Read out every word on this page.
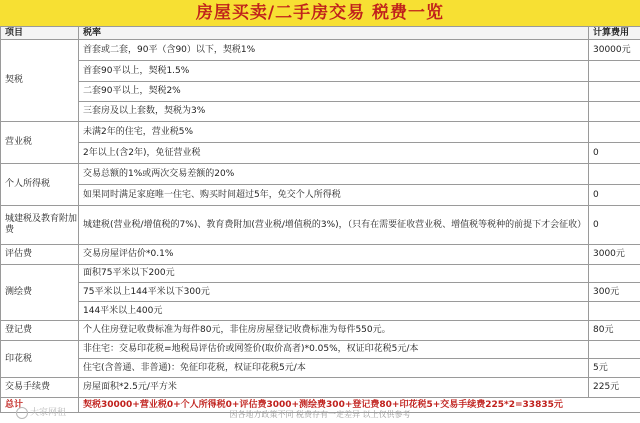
房屋买卖/二手房交易 税费一览
项目	税率	计算费用
契税	首套或二套，90平（含90）以下，契税1%	30000元
	首套90平以上，契税1.5%	
	二套90平以上，契税2%	
	三套房及以上套数，契税为3%	
营业税	未满2年的住宅，营业税5%	
	2年以上(含2年)，免征营业税	0
个人所得税	交易总额的1%或两次交易差额的20%	
	如果同时满足家庭唯一住宅、购买时间超过5年，免交个人所得税	0
城建税及教育附加费	城建税(营业税/增值税的7%)、教育费附加(营业税/增值税的3%)，（只有在需要征收营业税、增值税等税种的前提下才会征收）	0
评估费	交易房屋评估价*0.1%	3000元
测绘费	面积75平米以下200元	
	75平米以上144平米以下300元	300元
	144平米以上400元	
登记费	个人住房登记收费标准为每件80元，非住房房屋登记收费标准为每件550元。	80元
印花税	非住宅：交易印花税=地税局评估价或网签价(取价高者)*0.05%，权证印花税5元/本	
	住宅(含普通、非普通)：免征印花税，权证印花税5元/本	5元
交易手续费	房屋面积*2.5元/平方米	225元
总计	契税30000+营业税0+个人所得税0+评估费3000+测绘费300+登记费80+印花税5+交易手续费225*2=33835元	
大家网租	因各地方政策不同 税费存有一定差异 以上仅供参考
